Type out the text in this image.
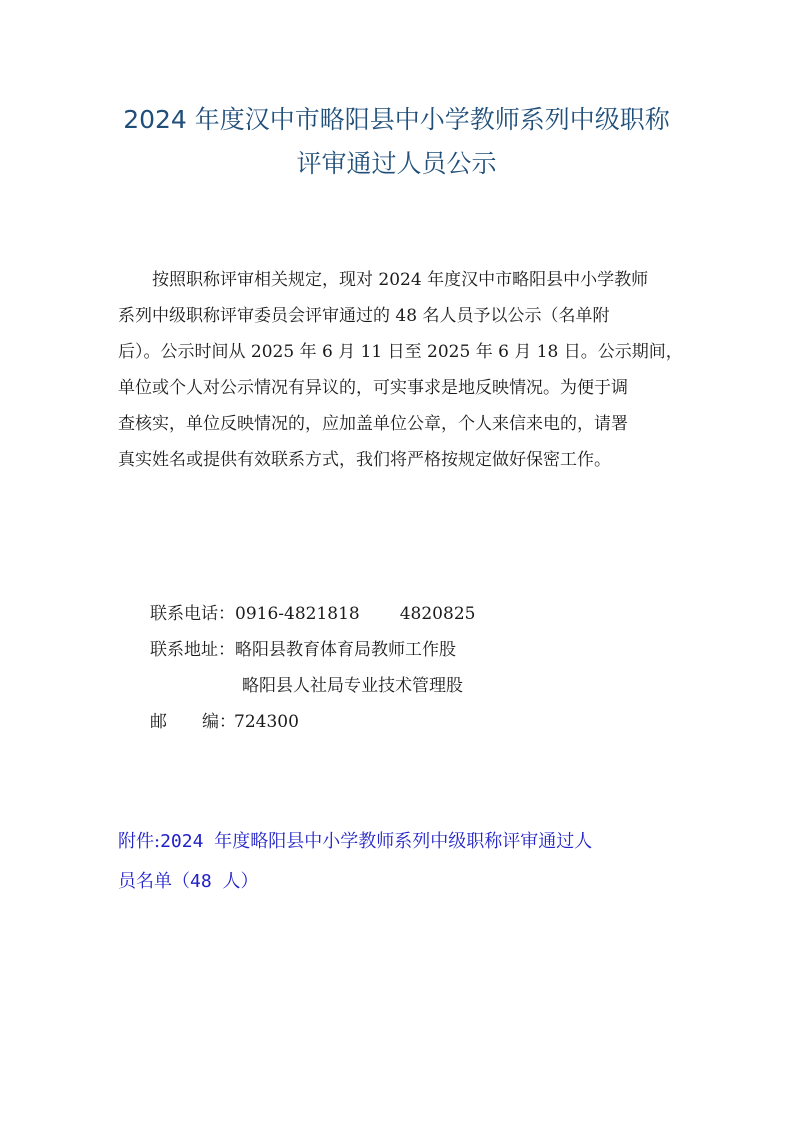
2024 年度汉中市略阳县中小学教师系列中级职称
评审通过人员公示

按照职称评审相关规定，现对 2024 年度汉中市略阳县中小学教师
系列中级职称评审委员会评审通过的 48 名人员予以公示（名单附
后）。公示时间从 2025 年 6 月 11 日至 2025 年 6 月 18 日。公示期间，
单位或个人对公示情况有异议的，可实事求是地反映情况。为便于调
查核实，单位反映情况的，应加盖单位公章，个人来信来电的，请署
真实姓名或提供有效联系方式，我们将严格按规定做好保密工作。

联系电话：0916-4821818 4820825
联系地址：略阳县教育体育局教师工作股
略阳县人社局专业技术管理股
邮 编：724300

附件:2024 年度略阳县中小学教师系列中级职称评审通过人
员名单（48 人）
